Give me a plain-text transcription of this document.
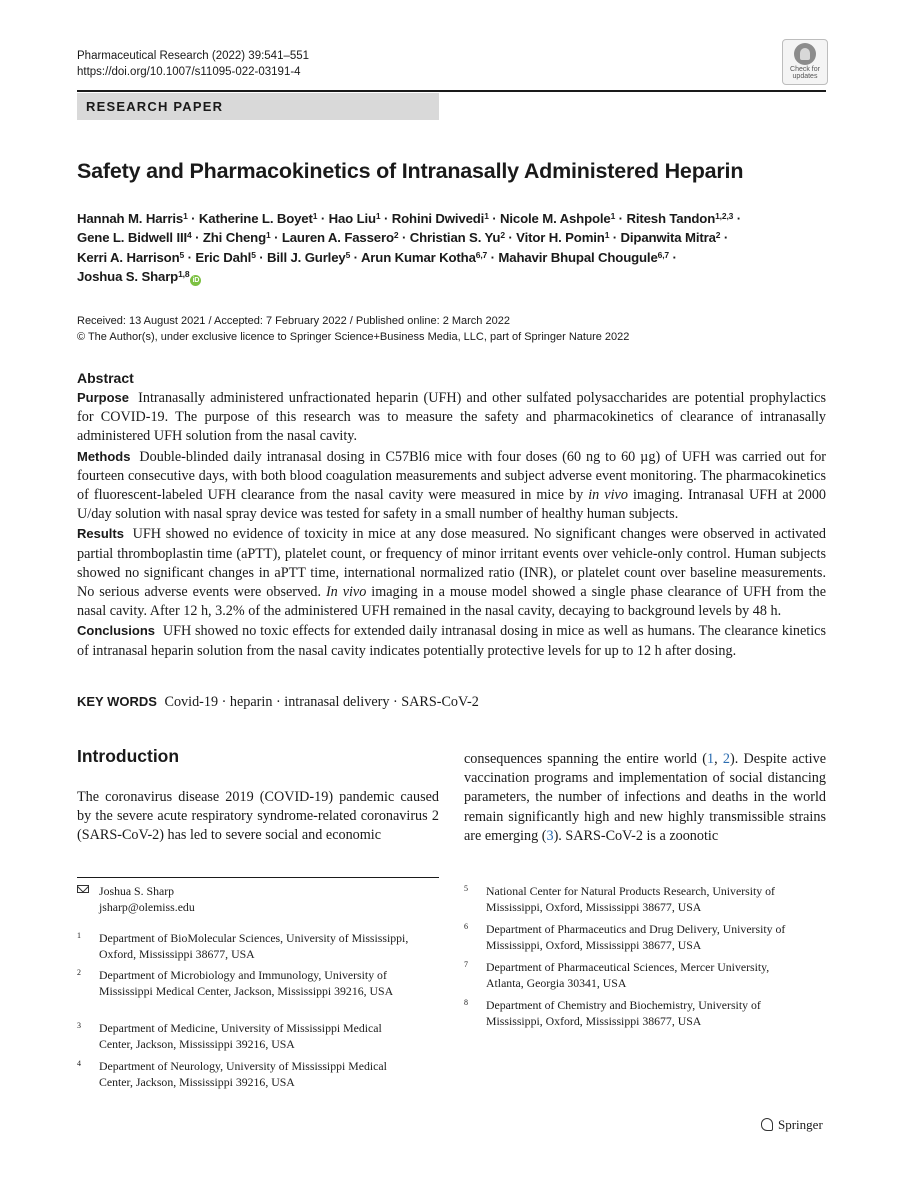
Pharmaceutical Research (2022) 39:541–551
https://doi.org/10.1007/s11095-022-03191-4	Check for
updates
RESEARCH PAPER
Safety and Pharmacokinetics of Intranasally Administered Heparin
Hannah M. Harris$^1$ · Katherine L. Boyet$^1$ · Hao Liu$^1$ · Rohini Dwivedi$^1$ · Nicole M. Ashpole$^1$ · Ritesh Tandon$^{1,2,3}$ ·
Gene L. Bidwell $III^4$ · Zhi Cheng$^1$ · Lauren A. Fassero$^2$ · Christian S. $Yu^2$ · Vitor H. Pomin$^1$ · Dipanwita Mitra$^2$ ·
Kerri A. Harrison$^5$ · Eric Dahl$^5$ · Bill J. Gurley$^5$ · Arun Kumar Kotha$^{6,7}$ · Mahavir Bhupal Chougule$^{6,7}$ ·
Joshua S. Sharp$^{1,8}$iD
Received: 13 August 2021 / Accepted: 7 February 2022 / Published online: 2 March 2022
© The Author(s), under exclusive licence to Springer Science+Business Media, LLC, part of Springer Nature 2022
Abstract

Purpose Intranasally administered unfractionated heparin (UFH) and other sulfated polysaccharides are potential prophylactics for COVID-19. The purpose of this research was to measure the safety and pharmacokinetics of clearance of intranasally administered UFH solution from the nasal cavity.

Methods Double-blinded daily intranasal dosing in C57Bl6 mice with four doses (60 ng to 60 µg) of UFH was carried out for fourteen consecutive days, with both blood coagulation measurements and subject adverse event monitoring. The pharmacokinetics of fluorescent-labeled UFH clearance from the nasal cavity were measured in mice by in vivo imaging. Intranasal UFH at 2000 U/day solution with nasal spray device was tested for safety in a small number of healthy human subjects.

Results UFH showed no evidence of toxicity in mice at any dose measured. No significant changes were observed in activated partial thromboplastin time (aPTT), platelet count, or frequency of minor irritant events over vehicle-only control. Human subjects showed no significant changes in aPTT time, international normalized ratio (INR), or platelet count over baseline measurements. No serious adverse events were observed. In vivo imaging in a mouse model showed a single phase clearance of UFH from the nasal cavity. After 12 h, 3.2% of the administered UFH remained in the nasal cavity, decaying to background levels by 48 h.

Conclusions UFH showed no toxic effects for extended daily intranasal dosing in mice as well as humans. The clearance kinetics of intranasal heparin solution from the nasal cavity indicates potentially protective levels for up to 12 h after dosing.

KEY WORDS Covid-19 · heparin · intranasal delivery · SARS-CoV-2
Introduction
The coronavirus disease 2019 (COVID-19) pandemic caused by the severe acute respiratory syndrome-related coronavirus 2 (SARS-CoV-2) has led to severe social and economic
consequences spanning the entire world (1, 2). Despite active vaccination programs and implementation of social distancing parameters, the number of infections and deaths in the world remain significantly high and new highly transmissible strains are emerging (3). SARS-CoV-2 is a zoonotic
Joshua S. Sharp
jsharp@olemiss.edu
1 Department of BioMolecular Sciences, University of Mississippi, Oxford, Mississippi 38677, USA
2 Department of Microbiology and Immunology, University of Mississippi Medical Center, Jackson, Mississippi 39216, USA
3 Department of Medicine, University of Mississippi Medical Center, Jackson, Mississippi 39216, USA
4 Department of Neurology, University of Mississippi Medical Center, Jackson, Mississippi 39216, USA
5 National Center for Natural Products Research, University of Mississippi, Oxford, Mississippi 38677, USA
6 Department of Pharmaceutics and Drug Delivery, University of Mississippi, Oxford, Mississippi 38677, USA
7 Department of Pharmaceutical Sciences, Mercer University, Atlanta, Georgia 30341, USA
8 Department of Chemistry and Biochemistry, University of Mississippi, Oxford, Mississippi 38677, USA
Springer
